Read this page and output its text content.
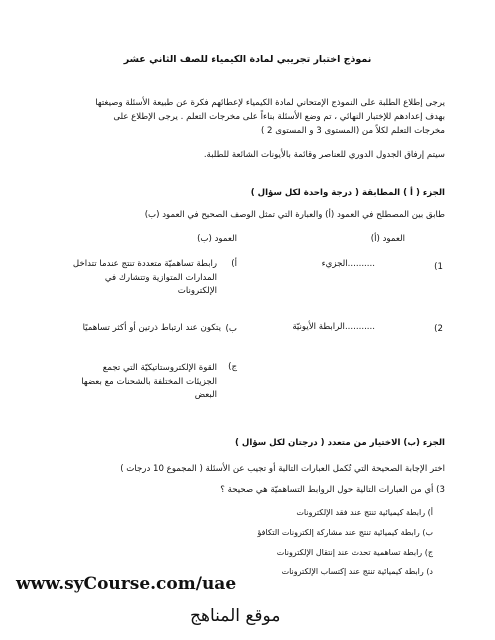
نموذج اختبار تجريبي لمادة الكيمياء للصف الثاني عشر
يرجى إطلاع الطلبة على النموذج الإمتحاني لمادة الكيمياء لإعطائهم فكرة عن طبيعة الأسئلة وصيغتها
بهدف إعدادهم للإختبار النهائي ، تم وضع الأسئلة بناءاً على مخرجات التعلم . يرجى الإطلاع على
مخرجات التعلم لكلاً من (المستوى 3 و المستوى 2 )
سيتم إرفاق الجدول الدوري للعناصر وقائمة بالأيونات الشائعة للطلبة.
الجزء ( أ ) المطابقة ( درجة واحدة لكل سؤال )
طابق بين المصطلح في العمود (أ) والعبارة التي تمثل الوصف الصحيح في العمود (ب)
العمود (أ)
العمود (ب)
1)
..........الجزيء
2)
...........الرابطة الأيونيّة
أ)
رابطة تساهميّة متعددة تنتج عندما تتداخل
المدارات المتوازية وتتشارك في
الإلكترونات
ب)
يتكون عند ارتباط ذرتين أو أكثر تساهميًا
ج)
القوة الإلكتروستاتيكيّة التي تجمع
الجزيئات المختلفة بالشحنات مع بعضها
البعض
الجزء (ب) الاختيار من متعدد ( درجتان لكل سؤال )
اختر الإجابة الصحيحة التي تُكمل العبارات التالية أو تجيب عن الأسئلة ( المجموع 10 درجات )
3) أي من العبارات التالية حول الروابط التساهميّة هي صحيحة ؟
أ) رابطة كيميائية تنتج عند فقد الإلكترونات
ب) رابطة كيميائية تنتج عند مشاركة إلكترونات التكافؤ
ج) رابطة تساهمية تحدث عند إنتقال الإلكترونات
د) رابطة كيميائية تنتج عند إكتساب الإلكترونات
www.syCourse.com/uae
موقع المناهج
